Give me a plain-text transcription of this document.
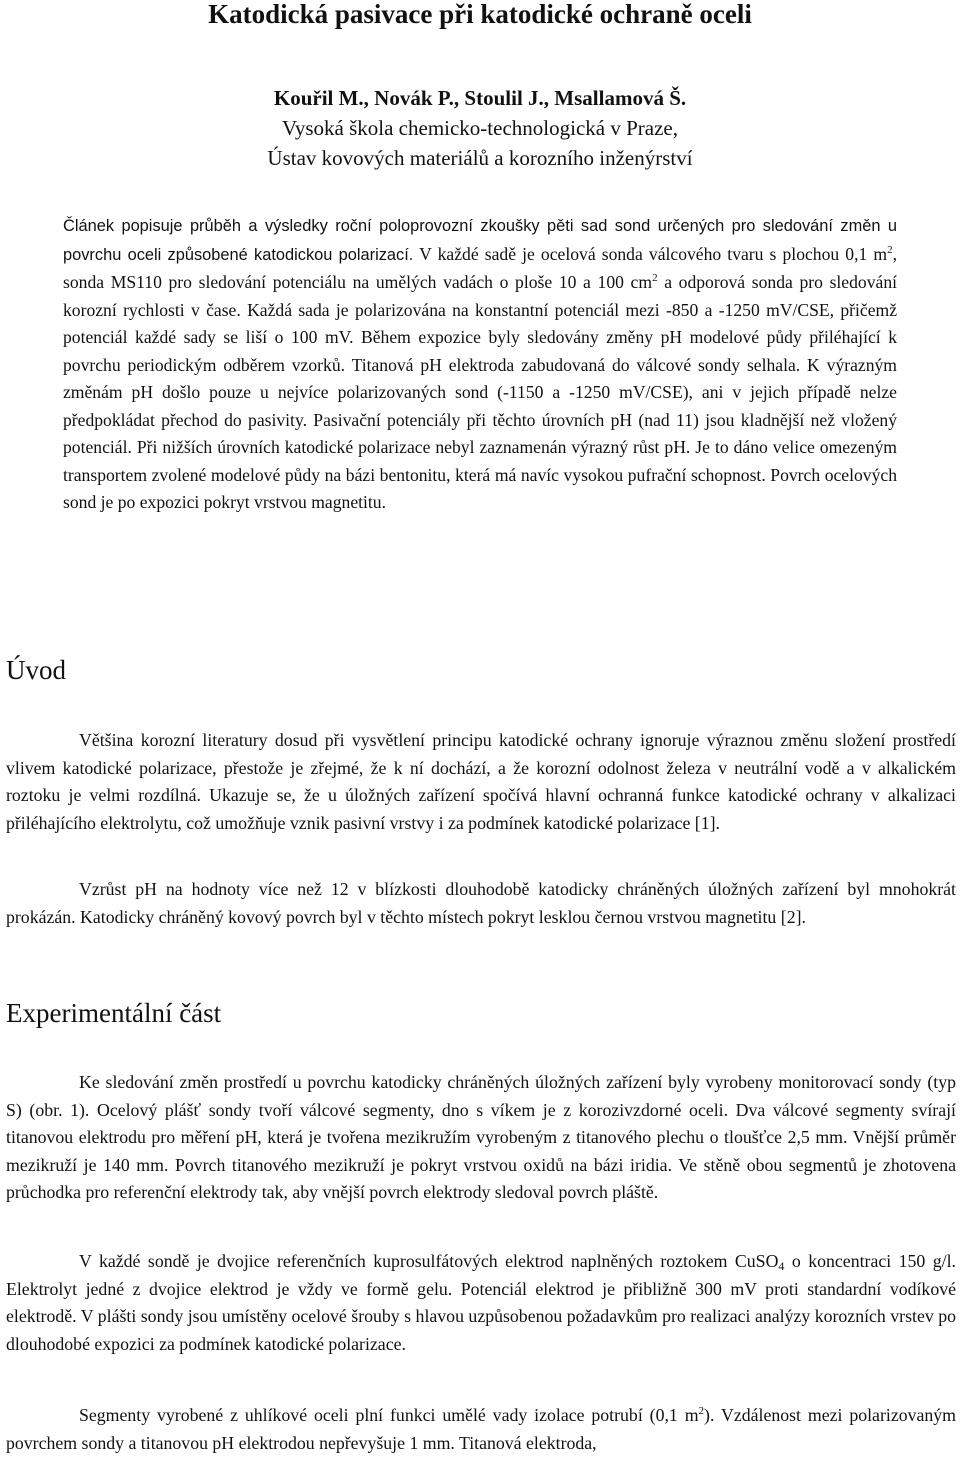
Katodická pasivace při katodické ochraně oceli
Kouřil M., Novák P., Stoulil J., Msallamová Š.
Vysoká škola chemicko-technologická v Praze,
Ústav kovových materiálů a korozního inženýrství

Článek popisuje průběh a výsledky roční poloprovozní zkoušky pěti sad sond určených pro sledování změn u povrchu oceli způsobené katodickou polarizací. V každé sadě je ocelová sonda válcového tvaru s plochou 0,1 $m^2$, sonda MS110 pro sledování potenciálu na umělých vadách o ploše 10 a 100 $cm^2$ a odporová sonda pro sledování korozní rychlosti v čase. Každá sada je polarizována na konstantní potenciál mezi -850 a -1250 mV/CSE, přičemž potenciál každé sady se liší o 100 mV. Během expozice byly sledovány změny pH modelové půdy přiléhající k povrchu periodickým odběrem vzorků. Titanová pH elektroda zabudovaná do válcové sondy selhala. K výrazným změnám pH došlo pouze u nejvíce polarizovaných sond (-1150 a -1250 mV/CSE), ani v jejich případě nelze předpokládat přechod do pasivity. Pasivační potenciály při těchto úrovních pH (nad 11) jsou kladnější než vložený potenciál. Při nižších úrovních katodické polarizace nebyl zaznamenán výrazný růst pH. Je to dáno velice omezeným transportem zvolené modelové půdy na bázi bentonitu, která má navíc vysokou pufrační schopnost. Povrch ocelových sond je po expozici pokryt vrstvou magnetitu.

Úvod

Většina korozní literatury dosud při vysvětlení principu katodické ochrany ignoruje výraznou změnu složení prostředí vlivem katodické polarizace, přestože je zřejmé, že k ní dochází, a že korozní odolnost železa v neutrální vodě a v alkalickém roztoku je velmi rozdílná. Ukazuje se, že u úložných zařízení spočívá hlavní ochranná funkce katodické ochrany v alkalizaci přiléhajícího elektrolytu, což umožňuje vznik pasivní vrstvy i za podmínek katodické polarizace [1].

Vzrůst pH na hodnoty více než 12 v blízkosti dlouhodobě katodicky chráněných úložných zařízení byl mnohokrát prokázán. Katodicky chráněný kovový povrch byl v těchto místech pokryt lesklou černou vrstvou magnetitu [2].

Experimentální část

Ke sledování změn prostředí u povrchu katodicky chráněných úložných zařízení byly vyrobeny monitorovací sondy (typ S) (obr. 1). Ocelový plášť sondy tvoří válcové segmenty, dno s víkem je z korozivzdorné oceli. Dva válcové segmenty svírají titanovou elektrodu pro měření pH, která je tvořena mezikružím vyrobeným z titanového plechu o tloušťce 2,5 mm. Vnější průměr mezikruží je 140 mm. Povrch titanového mezikruží je pokryt vrstvou oxidů na bázi iridia. Ve stěně obou segmentů je zhotovena průchodka pro referenční elektrody tak, aby vnější povrch elektrody sledoval povrch pláště.

V každé sondě je dvojice referenčních kuprosulfátových elektrod naplněných roztokem CuSO$_4$ o koncentraci 150 g/l. Elektrolyt jedné z dvojice elektrod je vždy ve formě gelu. Potenciál elektrod je přibližně 300 mV proti standardní vodíkové elektrodě. V plášti sondy jsou umístěny ocelové šrouby s hlavou uzpůsobenou požadavkům pro realizaci analýzy korozních vrstev po dlouhodobé expozici za podmínek katodické polarizace.

Segmenty vyrobené z uhlíkové oceli plní funkci umělé vady izolace potrubí (0,1 $m^2$). Vzdálenost mezi polarizovaným povrchem sondy a titanovou pH elektrodou nepřevyšuje 1 mm. Titanová elektroda,
